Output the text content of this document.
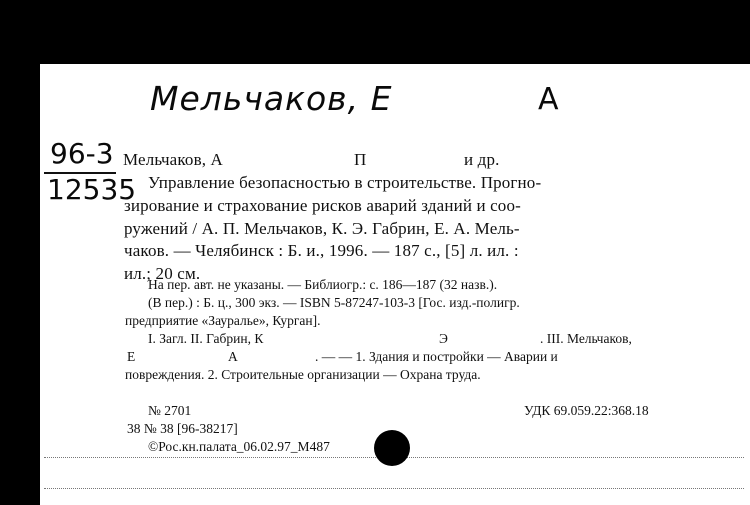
Мельчаков, Е	А
96-3
12535
Мельчаков, А	П	и др.
Управление безопасностью в строительстве. Прогно-
зирование и страхование рисков аварий зданий и соо-
ружений / А. П. Мельчаков, К. Э. Габрин, Е. А. Мель-
чаков. — Челябинск : Б. и., 1996. — 187 с., [5] л. ил. :
ил.; 20 см.
На пер. авт. не указаны. — Библиогр.: с. 186—187 (32 назв.).
(В пер.) : Б. ц., 300 экз. — ISBN 5-87247-103-3 [Гос. изд.-полигр.
предприятие «Зауралье», Курган].
I. Загл. II. Габрин, К	Э	. III. Мельчаков,
Е	А	. — — 1. Здания и постройки — Аварии и
повреждения. 2. Строительные организации — Охрана труда.
№ 2701	УДК 69.059.22:368.18
38 № 38 [96-38217]
©Рос.кн.палата_06.02.97_М487
